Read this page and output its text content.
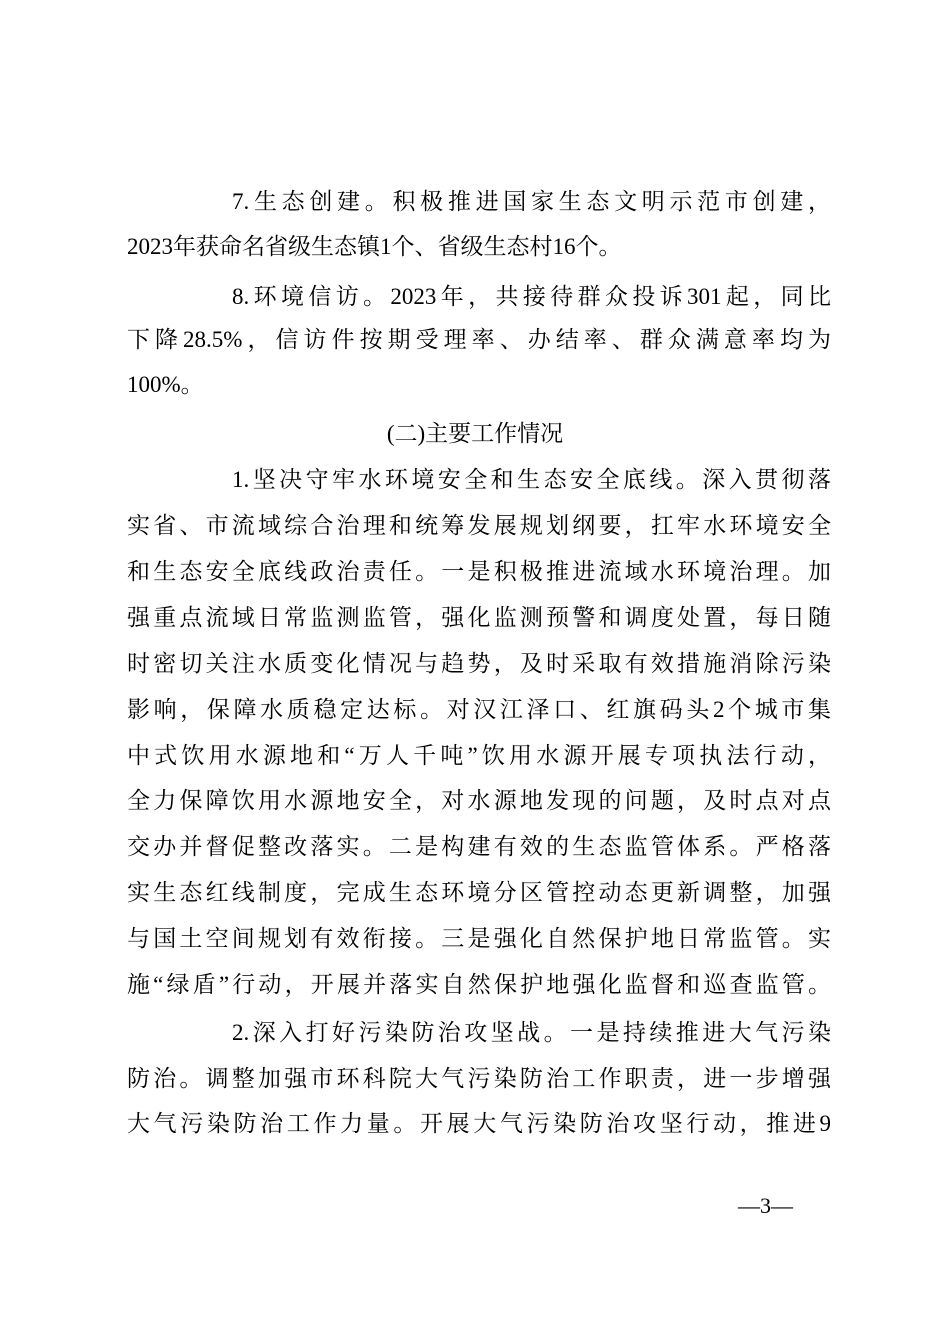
7.生态创建。积极推进国家生态文明示范市创建，
2023年获命名省级生态镇1个、省级生态村16个。
8.环境信访。2023年，共接待群众投诉301起，同比
下降28.5%，信访件按期受理率、办结率、群众满意率均为
100%。
(二)主要工作情况
1.坚决守牢水环境安全和生态安全底线。深入贯彻落
实省、市流域综合治理和统筹发展规划纲要，扛牢水环境安全
和生态安全底线政治责任。一是积极推进流域水环境治理。加
强重点流域日常监测监管，强化监测预警和调度处置，每日随
时密切关注水质变化情况与趋势，及时采取有效措施消除污染
影响，保障水质稳定达标。对汉江泽口、红旗码头2个城市集
中式饮用水源地和“万人千吨”饮用水源开展专项执法行动，
全力保障饮用水源地安全，对水源地发现的问题，及时点对点
交办并督促整改落实。二是构建有效的生态监管体系。严格落
实生态红线制度，完成生态环境分区管控动态更新调整，加强
与国土空间规划有效衔接。三是强化自然保护地日常监管。实
施“绿盾”行动，开展并落实自然保护地强化监督和巡查监管。
2.深入打好污染防治攻坚战。一是持续推进大气污染
防治。调整加强市环科院大气污染防治工作职责，进一步增强
大气污染防治工作力量。开展大气污染防治攻坚行动，推进9
—3—
